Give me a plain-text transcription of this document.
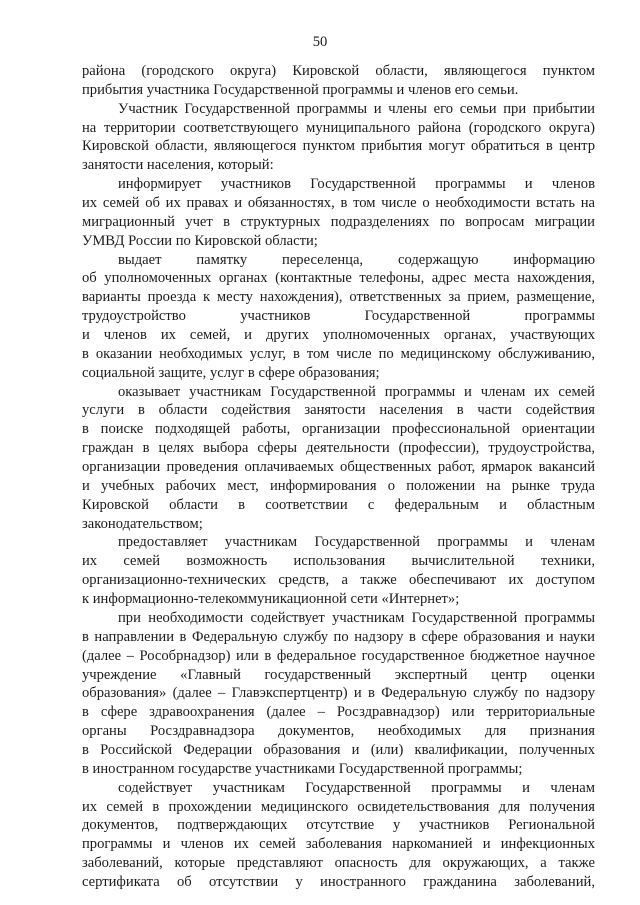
50
района (городского округа) Кировской области, являющегося пунктом
прибытия участника Государственной программы и членов его семьи.
Участник Государственной программы и члены его семьи при прибытии
на территории соответствующего муниципального района (городского округа)
Кировской области, являющегося пунктом прибытия могут обратиться в центр
занятости населения, который:
информирует участников Государственной программы и членов
их семей об их правах и обязанностях, в том числе о необходимости встать на
миграционный учет в структурных подразделениях по вопросам миграции
УМВД России по Кировской области;
выдает памятку переселенца, содержащую информацию
об уполномоченных органах (контактные телефоны, адрес места нахождения,
варианты проезда к месту нахождения), ответственных за прием, размещение,
трудоустройство участников Государственной программы
и членов их семей, и других уполномоченных органах, участвующих
в оказании необходимых услуг, в том числе по медицинскому обслуживанию,
социальной защите, услуг в сфере образования;
оказывает участникам Государственной программы и членам их семей
услуги в области содействия занятости населения в части содействия
в поиске подходящей работы, организации профессиональной ориентации
граждан в целях выбора сферы деятельности (профессии), трудоустройства,
организации проведения оплачиваемых общественных работ, ярмарок вакансий
и учебных рабочих мест, информирования о положении на рынке труда
Кировской области в соответствии с федеральным и областным
законодательством;
предоставляет участникам Государственной программы и членам
их семей возможность использования вычислительной техники,
организационно-технических средств, а также обеспечивают их доступом
к информационно-телекоммуникационной сети «Интернет»;
при необходимости содействует участникам Государственной программы
в направлении в Федеральную службу по надзору в сфере образования и науки
(далее – Рособрнадзор) или в федеральное государственное бюджетное научное
учреждение «Главный государственный экспертный центр оценки
образования» (далее – Главэкспертцентр) и в Федеральную службу по надзору
в сфере здравоохранения (далее – Росздравнадзор) или территориальные
органы Росздравнадзора документов, необходимых для признания
в Российской Федерации образования и (или) квалификации, полученных
в иностранном государстве участниками Государственной программы;
содействует участникам Государственной программы и членам
их семей в прохождении медицинского освидетельствования для получения
документов, подтверждающих отсутствие у участников Региональной
программы и членов их семей заболевания наркоманией и инфекционных
заболеваний, которые представляют опасность для окружающих, а также
сертификата об отсутствии у иностранного гражданина заболеваний,
